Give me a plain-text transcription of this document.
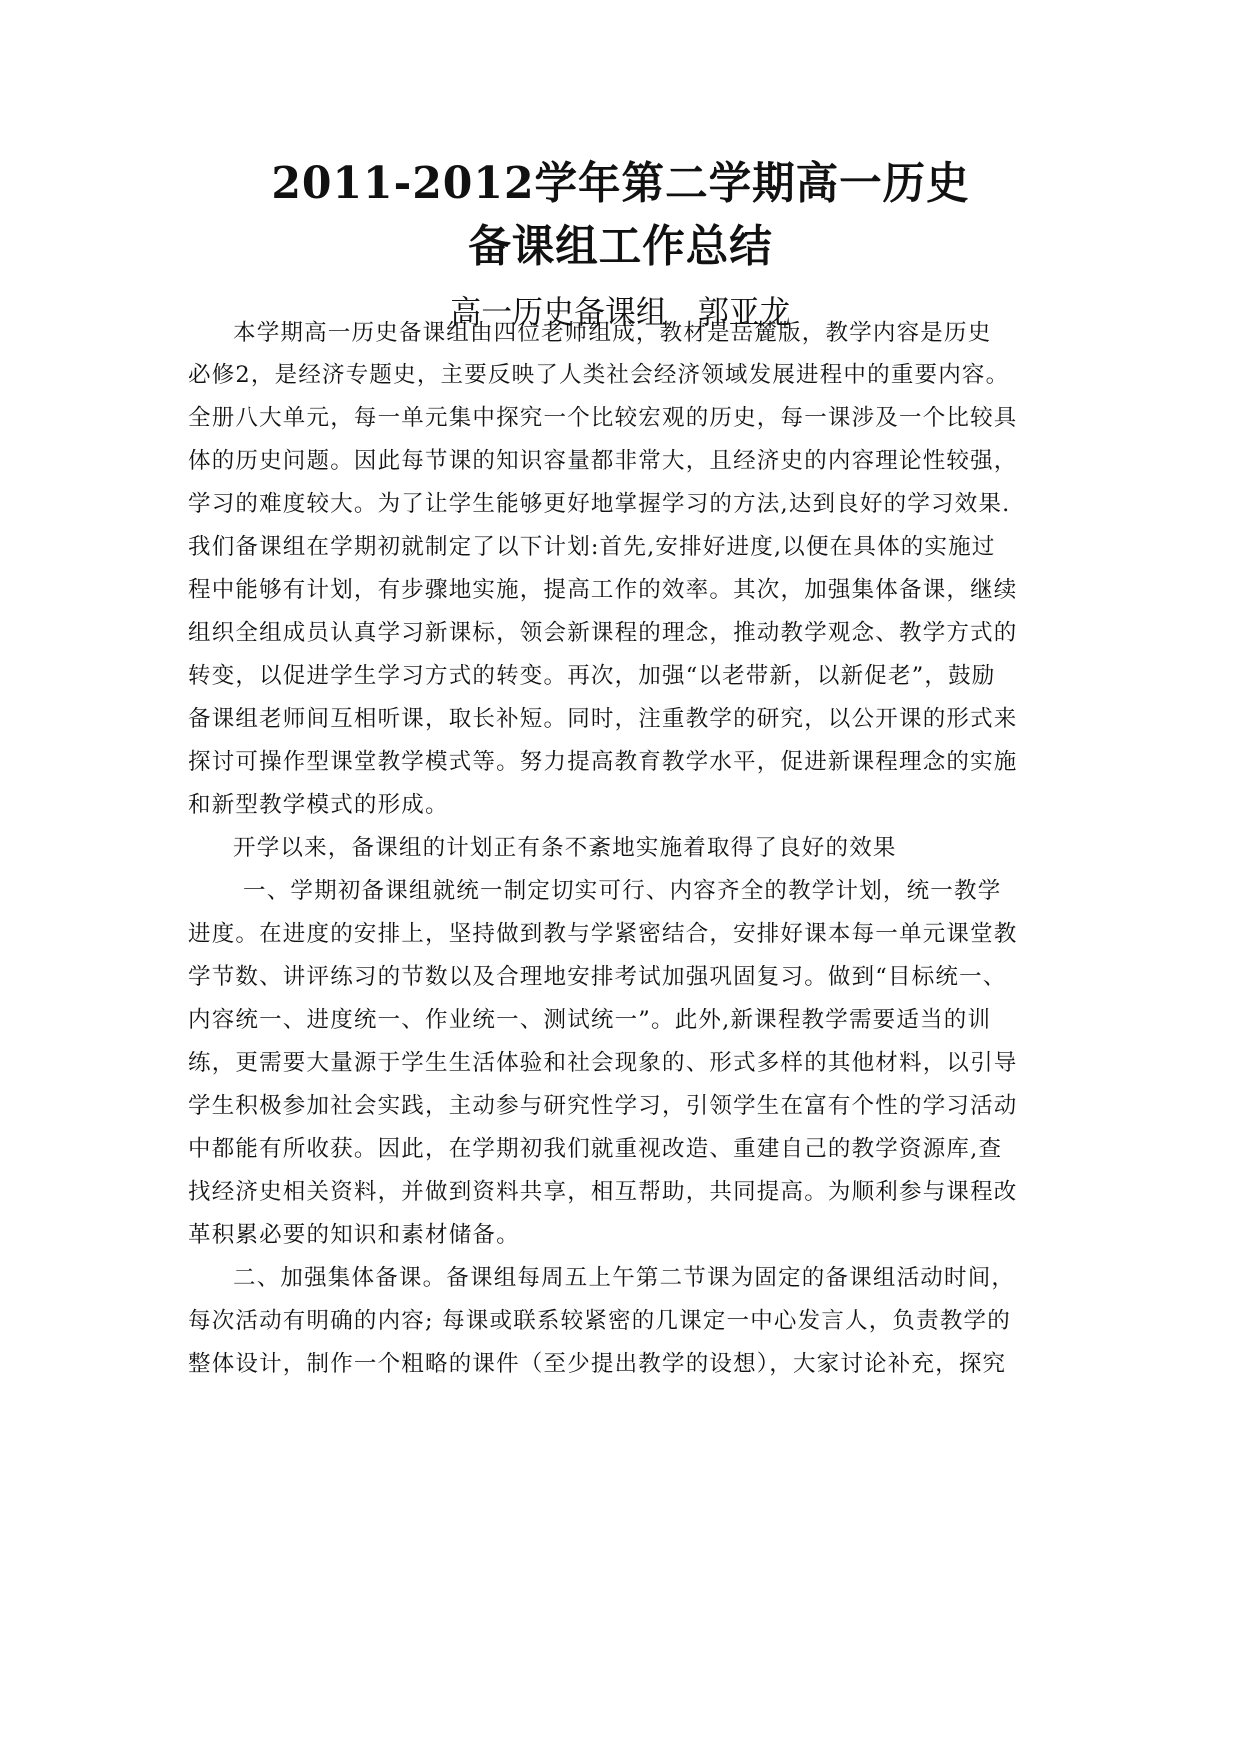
2011-2012学年第二学期高一历史
备课组工作总结
高一历史备课组　郭亚龙
本学期高一历史备课组由四位老师组成，教材是岳麓版，教学内容是历史
必修2，是经济专题史，主要反映了人类社会经济领域发展进程中的重要内容。
全册八大单元，每一单元集中探究一个比较宏观的历史，每一课涉及一个比较具
体的历史问题。因此每节课的知识容量都非常大，且经济史的内容理论性较强，
学习的难度较大。为了让学生能够更好地掌握学习的方法,达到良好的学习效果.
我们备课组在学期初就制定了以下计划:首先,安排好进度,以便在具体的实施过
程中能够有计划，有步骤地实施，提高工作的效率。其次，加强集体备课，继续
组织全组成员认真学习新课标，领会新课程的理念，推动教学观念、教学方式的
转变，以促进学生学习方式的转变。再次，加强“以老带新，以新促老”，鼓励
备课组老师间互相听课，取长补短。同时，注重教学的研究，以公开课的形式来
探讨可操作型课堂教学模式等。努力提高教育教学水平，促进新课程理念的实施
和新型教学模式的形成。
开学以来，备课组的计划正有条不紊地实施着取得了良好的效果
一、学期初备课组就统一制定切实可行、内容齐全的教学计划，统一教学
进度。在进度的安排上，坚持做到教与学紧密结合，安排好课本每一单元课堂教
学节数、讲评练习的节数以及合理地安排考试加强巩固复习。做到“目标统一、
内容统一、进度统一、作业统一、测试统一”。此外,新课程教学需要适当的训
练，更需要大量源于学生生活体验和社会现象的、形式多样的其他材料，以引导
学生积极参加社会实践，主动参与研究性学习，引领学生在富有个性的学习活动
中都能有所收获。因此，在学期初我们就重视改造、重建自己的教学资源库,查
找经济史相关资料，并做到资料共享，相互帮助，共同提高。为顺利参与课程改
革积累必要的知识和素材储备。
二、加强集体备课。备课组每周五上午第二节课为固定的备课组活动时间，
每次活动有明确的内容; 每课或联系较紧密的几课定一中心发言人，负责教学的
整体设计，制作一个粗略的课件（至少提出教学的设想），大家讨论补充，探究
